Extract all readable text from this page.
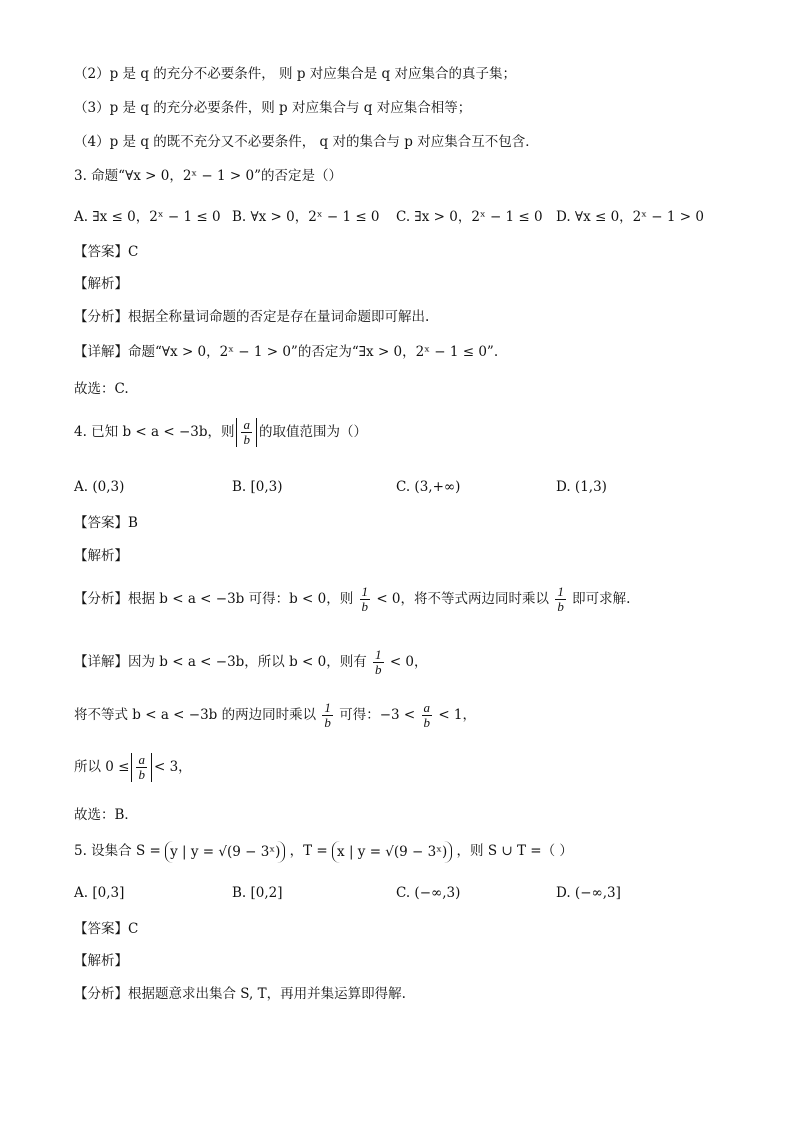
（2）p 是 q 的充分不必要条件， 则 p 对应集合是 q 对应集合的真子集；
（3）p 是 q 的充分必要条件，则 p 对应集合与 q 对应集合相等；
（4）p 是 q 的既不充分又不必要条件， q 对的集合与 p 对应集合互不包含．
3. 命题“∀x > 0，2ˣ − 1 > 0”的否定是（）
A. ∃x ≤ 0，2ˣ − 1 ≤ 0 B. ∀x > 0，2ˣ − 1 ≤ 0 C. ∃x > 0，2ˣ − 1 ≤ 0 D. ∀x ≤ 0，2ˣ − 1 > 0
【答案】C
【解析】
【分析】根据全称量词命题的否定是存在量词命题即可解出.
【详解】命题“∀x > 0，2ˣ − 1 > 0”的否定为“∃x > 0，2ˣ − 1 ≤ 0”.
故选：C.
4. 已知 b < a < −3b，则 $\frac{a}{b}$ 的取值范围为（）
A. (0,3)	B. [0,3)	C. (3,+∞)	D. (1,3)
【答案】B
【解析】
【分析】根据 b < a < −3b 可得：b < 0，则 $\frac{1}{b} < 0$，将不等式两边同时乘以 $\frac{1}{b}$ 即可求解.
【详解】因为 b < a < −3b，所以 b < 0，则有 $\frac{1}{b} < 0$，
将不等式 b < a < −3b 的两边同时乘以 $\frac{1}{b}$ 可得：$-3 < \frac{a}{b} < 1$，
所以 $0 \le \frac{a}{b} < 3$，
故选：B．
5. 设集合 S = y | y = √(9 − 3ˣ) ，T = x | y = √(9 − 3ˣ) ，则 S ∪ T =（ ）
A. [0,3]	B. [0,2]	C. (−∞,3)	D. (−∞,3]
【答案】C
【解析】
【分析】根据题意求出集合 S, T，再用并集运算即得解.
